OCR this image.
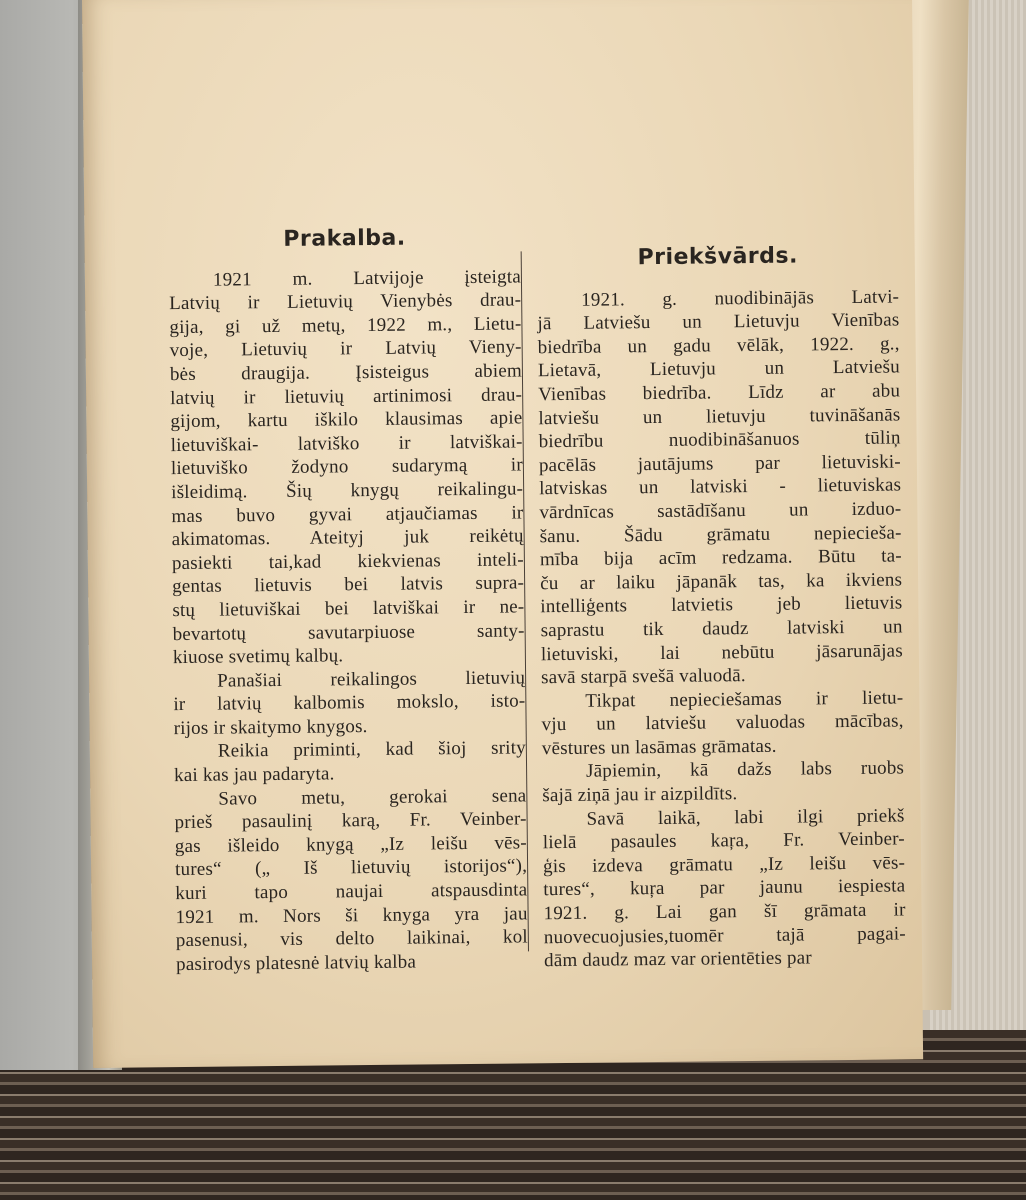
Prakalba.
1921 m. Latvijoje įsteigta
Latvių ir Lietuvių Vienybės drau-
gija, gi už metų, 1922 m., Lietu-
voje, Lietuvių ir Latvių Vieny-
bės draugija. Įsisteigus abiem
latvių ir lietuvių artinimosi drau-
gijom, kartu iškilo klausimas apie
lietuviškai- latviško ir latviškai-
lietuviško žodyno sudarymą ir
išleidimą. Šių knygų reikalingu-
mas buvo gyvai atjaučiamas ir
akimatomas. Ateityj juk reikėtų
pasiekti tai,kad kiekvienas inteli-
gentas lietuvis bei latvis supra-
stų lietuviškai bei latviškai ir ne-
bevartotų savutarpiuose santy-
kiuose svetimų kalbų.
Panašiai reikalingos lietuvių
ir latvių kalbomis mokslo, isto-
rijos ir skaitymo knygos.
Reikia priminti, kad šioj srity
kai kas jau padaryta.
Savo metu, gerokai sena
prieš pasaulinį karą, Fr. Veinber-
gas išleido knygą „Iz leišu vēs-
tures“ („ Iš lietuvių istorijos“),
kuri tapo naujai atspausdinta
1921 m. Nors ši knyga yra jau
pasenusi, vis delto laikinai, kol
pasirodys platesnė latvių kalba
Priekšvārds.
1921. g. nuodibinājās Latvi-
jā Latviešu un Lietuvju Vienības
biedrība un gadu vēlāk, 1922. g.,
Lietavā, Lietuvju un Latviešu
Vienības biedrība. Līdz ar abu
latviešu un lietuvju tuvināšanās
biedrību nuodibināšanuos tūliņ
pacēlās jautājums par lietuviski-
latviskas un latviski - lietuviskas
vārdnīcas sastādīšanu un izduo-
šanu. Šādu grāmatu nepiecieša-
mība bija acīm redzama. Būtu ta-
ču ar laiku jāpanāk tas, ka ikviens
intelliģents latvietis jeb lietuvis
saprastu tik daudz latviski un
lietuviski, lai nebūtu jāsarunājas
savā starpā svešā valuodā.
Tikpat nepieciešamas ir lietu-
vju un latviešu valuodas mācības,
vēstures un lasāmas grāmatas.
Jāpiemin, kā dažs labs ruobs
šajā ziņā jau ir aizpildīts.
Savā laikā, labi ilgi priekš
lielā pasaules kaŗa, Fr. Veinber-
ģis izdeva grāmatu „Iz leišu vēs-
tures“, kuŗa par jaunu iespiesta
1921. g. Lai gan šī grāmata ir
nuovecuojusies,tuomēr tajā pagai-
dām daudz maz var orientēties par
